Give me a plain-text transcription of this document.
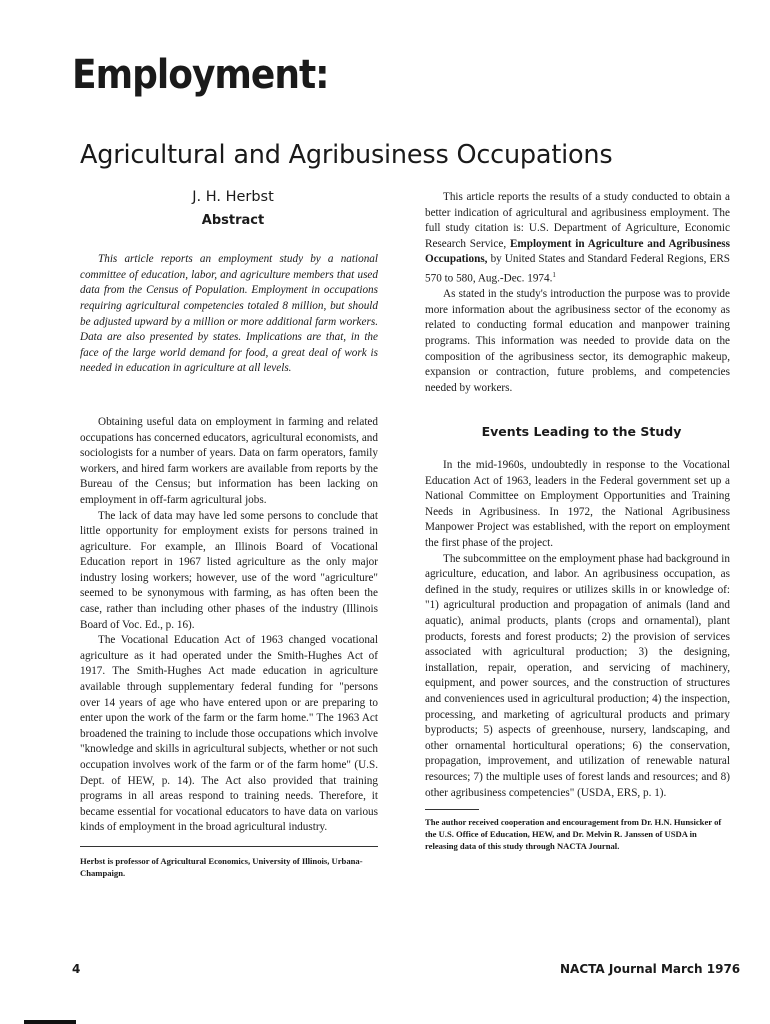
Employment:
Agricultural and Agribusiness Occupations
J. H. Herbst
Abstract

This article reports an employment study by a national committee of education, labor, and agriculture members that used data from the Census of Population. Employment in occupations requiring agricultural competencies totaled 8 million, but should be adjusted upward by a million or more additional farm workers. Data are also presented by states. Implications are that, in the face of the large world demand for food, a great deal of work is needed in education in agriculture at all levels.

Obtaining useful data on employment in farming and related occupations has concerned educators, agricultural economists, and sociologists for a number of years. Data on farm operators, family workers, and hired farm workers are available from reports by the Bureau of the Census; but information has been lacking on employment in off-farm agricultural jobs.

The lack of data may have led some persons to conclude that little opportunity for employment exists for persons trained in agriculture. For example, an Illinois Board of Vocational Education report in 1967 listed agriculture as the only major industry losing workers; however, use of the word "agriculture" seemed to be synonymous with farming, as has often been the case, rather than including other phases of the industry (Illinois Board of Voc. Ed., p. 16).

The Vocational Education Act of 1963 changed vocational agriculture as it had operated under the Smith-Hughes Act of 1917. The Smith-Hughes Act made education in agriculture available through supplementary federal funding for "persons over 14 years of age who have entered upon or are preparing to enter upon the work of the farm or the farm home." The 1963 Act broadened the training to include those occupations which involve "knowledge and skills in agricultural subjects, whether or not such occupation involves work of the farm or of the farm home" (U.S. Dept. of HEW, p. 14). The Act also provided that training programs in all areas respond to training needs. Therefore, it became essential for vocational educators to have data on various kinds of employment in the broad agricultural industry.

Herbst is professor of Agricultural Economics, University of Illinois, Urbana-Champaign.

This article reports the results of a study conducted to obtain a better indication of agricultural and agribusiness employment. The full study citation is: U.S. Department of Agriculture, Economic Research Service, Employment in Agriculture and Agribusiness Occupations, by United States and Standard Federal Regions, ERS 570 to 580, Aug.-Dec. 1974.$^1$

As stated in the study's introduction the purpose was to provide more information about the agribusiness sector of the economy as related to conducting formal education and manpower training programs. This information was needed to provide data on the composition of the agribusiness sector, its demographic makeup, expansion or contraction, future problems, and competencies needed by workers.

Events Leading to the Study

In the mid-1960s, undoubtedly in response to the Vocational Education Act of 1963, leaders in the Federal government set up a National Committee on Employment Opportunities and Training Needs in Agribusiness. In 1972, the National Agribusiness Manpower Project was established, with the report on employment the first phase of the project.

The subcommittee on the employment phase had background in agriculture, education, and labor. An agribusiness occupation, as defined in the study, requires or utilizes skills in or knowledge of: "1) agricultural production and propagation of animals (land and aquatic), animal products, plants (crops and ornamental), plant products, forests and forest products; 2) the provision of services associated with agricultural production; 3) the designing, installation, repair, operation, and servicing of machinery, equipment, and power sources, and the construction of structures and conveniences used in agricultural production; 4) the inspection, processing, and marketing of agricultural products and primary byproducts; 5) aspects of greenhouse, nursery, landscaping, and other ornamental horticultural operations; 6) the conservation, propagation, improvement, and utilization of renewable natural resources; 7) the multiple uses of forest lands and resources; and 8) other agribusiness competencies" (USDA, ERS, p. 1).

The author received cooperation and encouragement from Dr. H.N. Hunsicker of the U.S. Office of Education, HEW, and Dr. Melvin R. Janssen of USDA in releasing data of this study through NACTA Journal.

4	NACTA Journal March 1976
